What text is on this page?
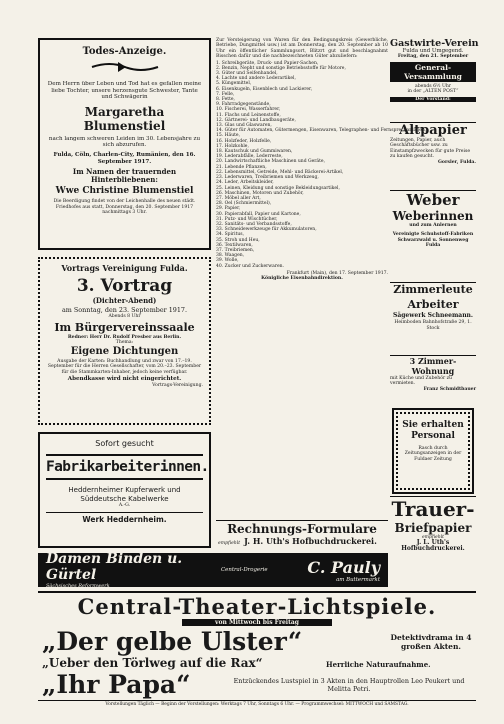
Todes-Anzeige.
Dem Herrn über Leben und Tod hat es gefallen meine liebe Tochter, unsere herzensgute Schwester, Tante und Schwägerin
Margaretha Blumenstiel
nach langem schweren Leiden im 30. Lebensjahre zu sich abzurufen.
Fulda, Cöln, Charlen-City, Rumänien, den 16. September 1917.
Im Namen der trauernden Hinterbliebenen:
Wwe Christine Blumenstiel
Die Beerdigung findet von der Leichenhalle des neuen städt. Friedhofes aus statt, Donnerstag, den 20. September 1917 nachmittags 3 Uhr.
Vortrags Vereinigung Fulda.
3. Vortrag
(Dichter-Abend)
am Sonntag, den 23. September 1917.
Abends 8 Uhr
Im Bürgervereinssaale
Redner: Herr Dr. Rudolf Presber aus Berlin.
Thema:
Eigene Dichtungen
Ausgabe der Karten: Buchhandlung und zwar von 17.–19. September für die Herren Gesellschafter, vom 20.–23. September für die Stammkarten-Inhaber, jedoch keine verfügbar.
Abendkasse wird nicht eingerichtet.
Vortrags-Vereinigung.
Sofort gesucht
Fabrikarbeiterinnen.
Heddernheimer Kupferwerk und Süddeutsche Kabelwerke
A.-G.
Werk Heddernheim.
Zur Versteigerung von Waren für den Bedingungskreis (Gewerbliche, Betriebe, Dungmittel usw.) ist am Donnerstag, den 20. September ab 10 Uhr ein öffentlicher Sammlungsort, Blitzrt gut und beschlagnahmt Bisschen dafür und die nachbezeichneten Güter abzuliefern:
1. Schreibgeräte, Druck- und Papier-Sachen,
2. Benzin, Nepht und sonstige Betriebsstoffe für Motore,
3. Güter und Seifenhandel,
4. Lachte und andere Lederartikel,
5. Küngemittel,
6. Eisenkugeln, Eisenblech und Lackierer,
7. Felle,
8. Fette,
9. Fahrradgegenstände,
10. Fischerei, Wasserfahrer,
11. Flachs und Leinenstoffe,
12. Gärtnerei- und Landbaugeräte,
13. Glas und Glaswaren,
14. Güter für Automaten, Gütermengen, Eisenwaren, Telegraphen- und Fernsprechanlagen,
15. Häute,
16. Holzfeder, Holzfelle,
17. Holzkohle,
18. Kautschuk und Gummiwaren,
19. Lederabfälle, Lederreste,
20. Landwirtschaftliche Maschinen und Geräte,
21. Lebende Pflanzen,
22. Lebensmittel, Getreide, Mehl- und Bäckerei-Artikel,
23. Lederwaren, Treibriemen und Werkzeug,
24. Leder, Arbeitskleider,
25. Leinen, Kleidung und sonstige Bekleidungsartikel,
26. Maschinen, Motoren und Zubehör,
27. Möbel aller Art,
28. Oel (Schmiermittel),
29. Papier,
30. Papierabfall, Papier und Kartone,
31. Putz- und Wischtücher,
32. Sanitäts- und Verbandsstoffe,
33. Schneidewerkzeuge für Akkumulatoren,
34. Spiritus,
35. Stroh und Heu,
36. Textilwaren,
37. Treibriemen,
38. Waagen,
39. Wolle,
40. Zucker und Zuckerwaren.
Frankfurt (Main), den 17. September 1917.
Königliche Eisenbahndirektion.
Rechnungs-Formulare
empfiehlt J. H. Uth's Hofbuchdruckerei.
Gastwirte-Verein
Fulda und Umgegend.
Freitag, den 21. September
General-Versammlung
abends 6½ Uhr
in der „ALTEN POST“
Der Vorstand:
Altpapier
Zeitungen, Papier, auch Geschäftsbücher usw. zu Einstampfzwecken für gute Preise zu kaufen gesucht.
Gorsler, Fulda.
Weber
Weberinnen
und zum Anlernen
Vereinigte Schuhstoff-Fabriken Schwarzwald u. Sonnenweg Fulda
Zimmerleute
Arbeiter
Sägewerk Schneemann.
Heimboden Bahnhofstraße 29, 1. Stock
3 Zimmer-Wohnung
mit Küche und Zubehör zu vermieten.
Franz Schmidtbauer
Sie erhalten Personal
Rasch durch Zeitungsanzeigen in der Fuldaer Zeitung
Trauer-
Briefpapier
empfiehlt
J. L. Uth's Hofbuchdruckerei.
Damen Binden u. Gürtel
Sächsisches Reformwerk
Central-Drogerie	C. Pauly
am Buttermarkt
Central-Theater-Lichtspiele.
von Mittwoch bis Freitag
„Der gelbe Ulster“	Detektivdrama in 4 großen Akten.
„Ueber den Törlweg auf die Rax“	Herrliche Naturaufnahme.
„Ihr Papa“	Entzückendes Lustspiel in 3 Akten in den Hauptrollen Leo Peukert und Melitta Petri.
Vorstellungen Täglich — Beginn der Vorstellungen: Werktags 7 Uhr, Sonntags 6 Uhr. — Programmwechsel: MITTWOCH und SAMSTAG.
